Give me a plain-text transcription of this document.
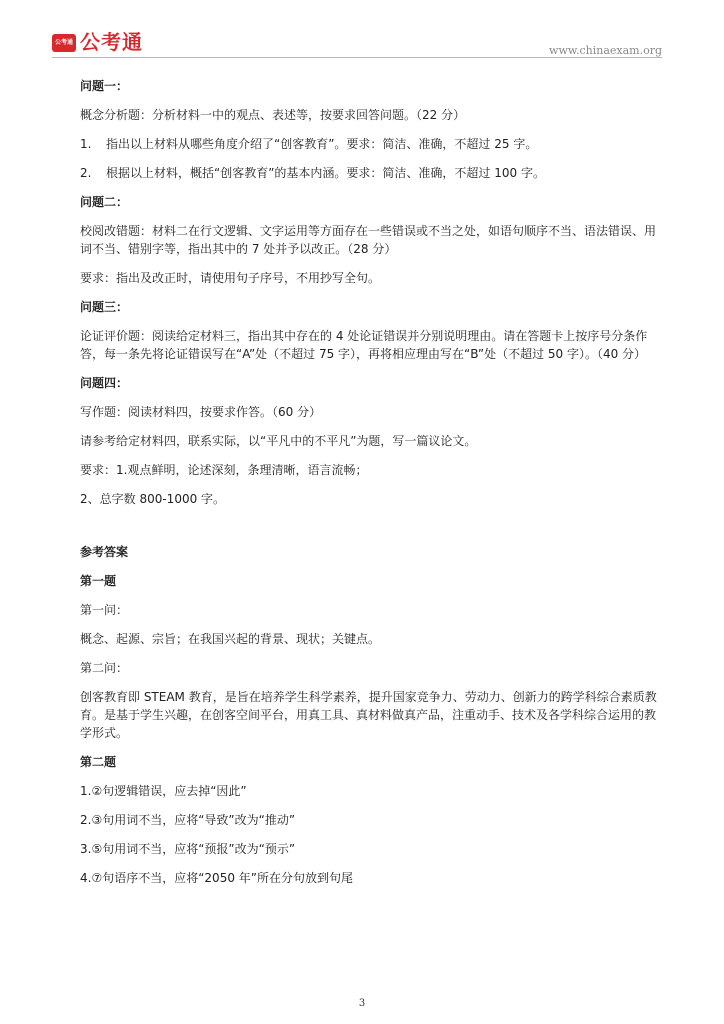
公考通 公考通	www.chinaexam.org

问题一：

概念分析题：分析材料一中的观点、表述等，按要求回答问题。（22 分）

1. 指出以上材料从哪些角度介绍了“创客教育”。要求：简洁、准确，不超过 25 字。

2. 根据以上材料，概括“创客教育”的基本内涵。要求：简洁、准确，不超过 100 字。

问题二：

校阅改错题：材料二在行文逻辑、文字运用等方面存在一些错误或不当之处，如语句顺序不当、语法错误、用词不当、错别字等，指出其中的 7 处并予以改正。（28 分）

要求：指出及改正时，请使用句子序号，不用抄写全句。

问题三：

论证评价题：阅读给定材料三，指出其中存在的 4 处论证错误并分别说明理由。请在答题卡上按序号分条作答，每一条先将论证错误写在“A”处（不超过 75 字），再将相应理由写在“B”处（不超过 50 字）。（40 分）

问题四：

写作题：阅读材料四，按要求作答。（60 分）

请参考给定材料四，联系实际，以“平凡中的不平凡”为题，写一篇议论文。

要求：1.观点鲜明，论述深刻，条理清晰，语言流畅；

2、总字数 800-1000 字。

参考答案

第一题

第一问：

概念、起源、宗旨；在我国兴起的背景、现状；关键点。

第二问：

创客教育即 STEAM 教育，是旨在培养学生科学素养，提升国家竞争力、劳动力、创新力的跨学科综合素质教育。是基于学生兴趣，在创客空间平台，用真工具、真材料做真产品，注重动手、技术及各学科综合运用的教学形式。

第二题

1.②句逻辑错误，应去掉“因此”

2.③句用词不当，应将“导致”改为“推动”

3.⑤句用词不当，应将“预报”改为“预示”

4.⑦句语序不当，应将“2050 年”所在分句放到句尾

3
